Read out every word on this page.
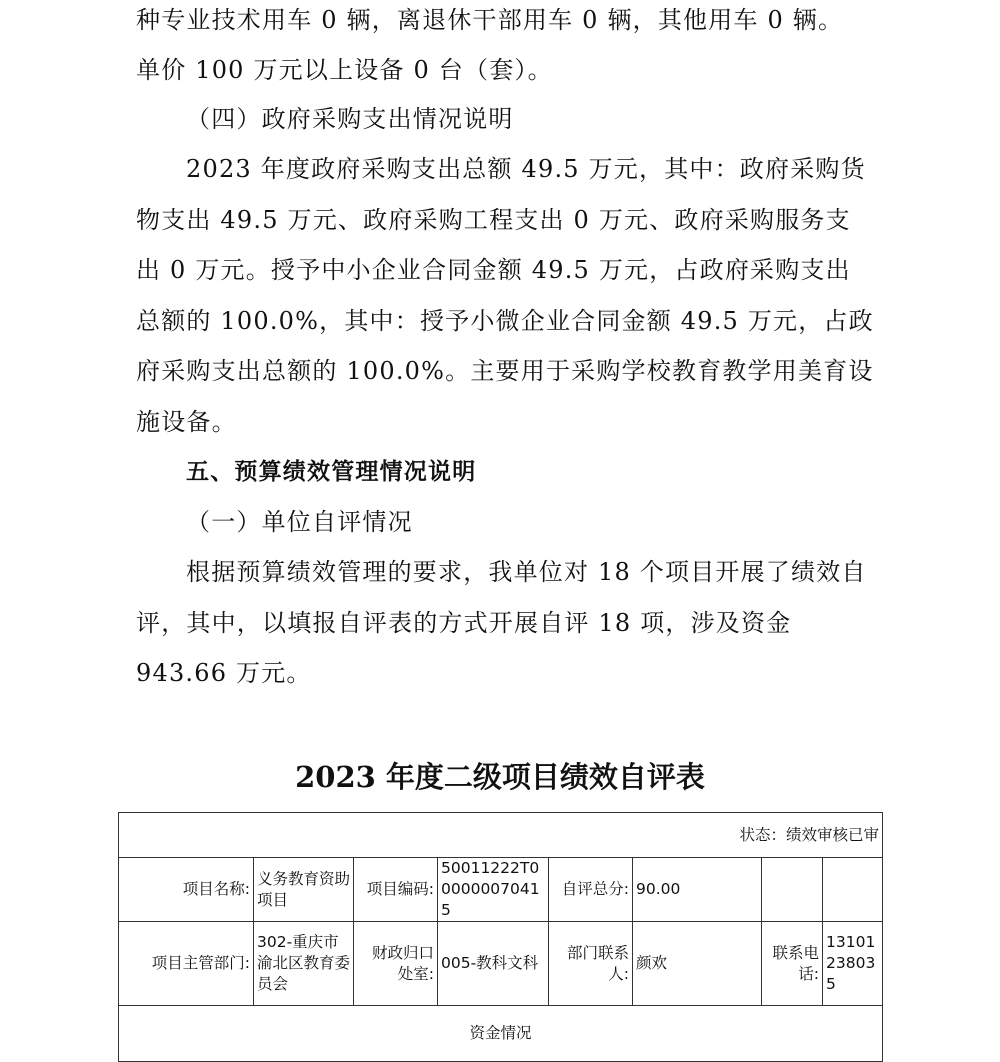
种专业技术用车 0 辆，离退休干部用车 0 辆，其他用车 0 辆。

单价 100 万元以上设备 0 台（套）。

（四）政府采购支出情况说明

2023 年度政府采购支出总额 49.5 万元，其中：政府采购货物支出 49.5 万元、政府采购工程支出 0 万元、政府采购服务支出 0 万元。授予中小企业合同金额 49.5 万元，占政府采购支出总额的 100.0%，其中：授予小微企业合同金额 49.5 万元，占政府采购支出总额的 100.0%。主要用于采购学校教育教学用美育设施设备。

五、预算绩效管理情况说明

（一）单位自评情况

根据预算绩效管理的要求，我单位对 18 个项目开展了绩效自评，其中，以填报自评表的方式开展自评 18 项，涉及资金 943.66 万元。

2023 年度二级项目绩效自评表
状态：绩效审核已审							
项目名称:	义务教育资助项目	项目编码:	50011222T000000070415	自评总分:	90.00		
项目主管部门:	302-重庆市渝北区教育委员会	财政归口处室:	005-教科文科	部门联系人:	颜欢	联系电话:	13101238035
资金情况							
